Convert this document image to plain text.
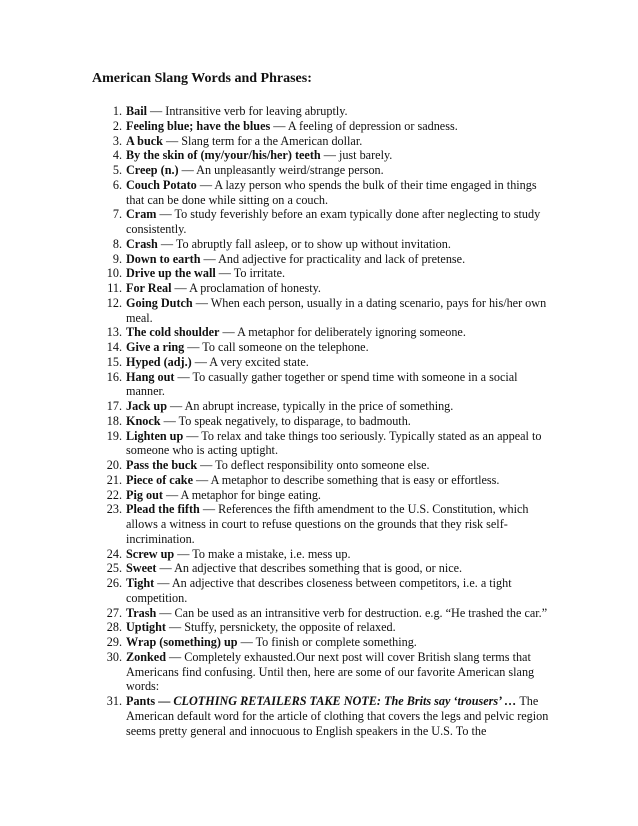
American Slang Words and Phrases:
1. Bail — Intransitive verb for leaving abruptly.
2. Feeling blue; have the blues — A feeling of depression or sadness.
3. A buck — Slang term for a the American dollar.
4. By the skin of (my/your/his/her) teeth — just barely.
5. Creep (n.) — An unpleasantly weird/strange person.
6. Couch Potato — A lazy person who spends the bulk of their time engaged in things that can be done while sitting on a couch.
7. Cram — To study feverishly before an exam typically done after neglecting to study consistently.
8. Crash — To abruptly fall asleep, or to show up without invitation.
9. Down to earth — And adjective for practicality and lack of pretense.
10. Drive up the wall — To irritate.
11. For Real — A proclamation of honesty.
12. Going Dutch — When each person, usually in a dating scenario, pays for his/her own meal.
13. The cold shoulder — A metaphor for deliberately ignoring someone.
14. Give a ring — To call someone on the telephone.
15. Hyped (adj.) — A very excited state.
16. Hang out — To casually gather together or spend time with someone in a social manner.
17. Jack up — An abrupt increase, typically in the price of something.
18. Knock — To speak negatively, to disparage, to badmouth.
19. Lighten up — To relax and take things too seriously. Typically stated as an appeal to someone who is acting uptight.
20. Pass the buck — To deflect responsibility onto someone else.
21. Piece of cake — A metaphor to describe something that is easy or effortless.
22. Pig out — A metaphor for binge eating.
23. Plead the fifth — References the fifth amendment to the U.S. Constitution, which allows a witness in court to refuse questions on the grounds that they risk self-incrimination.
24. Screw up — To make a mistake, i.e. mess up.
25. Sweet — An adjective that describes something that is good, or nice.
26. Tight — An adjective that describes closeness between competitors, i.e. a tight competition.
27. Trash — Can be used as an intransitive verb for destruction. e.g. “He trashed the car.”
28. Uptight — Stuffy, persnickety, the opposite of relaxed.
29. Wrap (something) up — To finish or complete something.
30. Zonked — Completely exhausted.Our next post will cover British slang terms that Americans find confusing. Until then, here are some of our favorite American slang words:
31. Pants — CLOTHING RETAILERS TAKE NOTE: The Brits say ‘trousers’ … The American default word for the article of clothing that covers the legs and pelvic region seems pretty general and innocuous to English speakers in the U.S. To the
